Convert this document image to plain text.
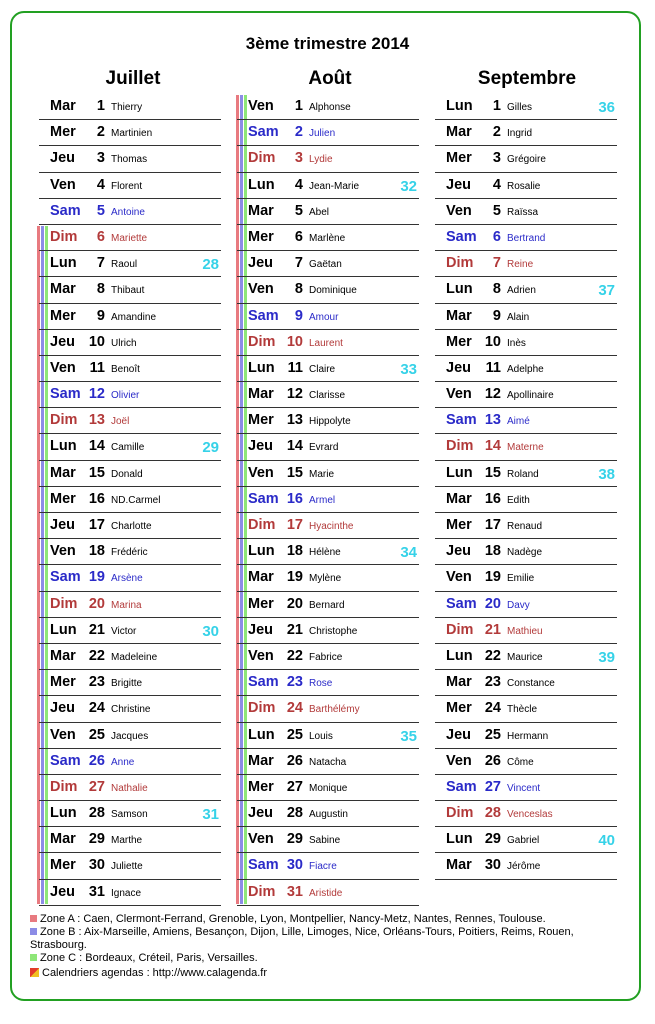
3ème trimestre 2014
Juillet	Août	Septembre
Mar	1 Thierry
Mer	2 Martinien
Jeu	3 Thomas
Ven	4 Florent
Sam	5 Antoine
Dim	6 Mariette
Lun	7 Raoul	28
Mar	8 Thibaut
Mer	9 Amandine
Jeu 10 Ulrich
Ven 11 Benoît
Sam 12 Olivier
Dim 13 Joël
Lun 14 Camille	29
Mar 15 Donald
Mer 16 ND.Carmel
Jeu 17 Charlotte
Ven 18 Frédéric
Sam 19 Arsène
Dim 20 Marina
Lun 21 Victor	30
Mar 22 Madeleine
Mer 23 Brigitte
Jeu 24 Christine
Ven 25 Jacques
Sam 26 Anne
Dim 27 Nathalie
Lun 28 Samson	31
Mar 29 Marthe
Mer 30 Juliette
Jeu 31 Ignace
Ven	1 Alphonse
Sam	2 Julien
Dim	3 Lydie
Lun	4 Jean-Marie	32
Mar	5 Abel
Mer	6 Marlène
Jeu	7 Gaëtan
Ven	8 Dominique
Sam	9 Amour
Dim 10 Laurent
Lun 11 Claire	33
Mar 12 Clarisse
Mer 13 Hippolyte
Jeu 14 Evrard
Ven 15 Marie
Sam 16 Armel
Dim 17 Hyacinthe
Lun 18 Hélène	34
Mar 19 Mylène
Mer 20 Bernard
Jeu 21 Christophe
Ven 22 Fabrice
Sam 23 Rose
Dim 24 Barthélémy
Lun 25 Louis	35
Mar 26 Natacha
Mer 27 Monique
Jeu 28 Augustin
Ven 29 Sabine
Sam 30 Fiacre
Dim 31 Aristide
Lun	1 Gilles	36
Mar	2 Ingrid
Mer	3 Grégoire
Jeu	4 Rosalie
Ven	5 Raïssa
Sam	6 Bertrand
Dim	7 Reine
Lun	8 Adrien	37
Mar	9 Alain
Mer 10 Inès
Jeu 11 Adelphe
Ven 12 Apollinaire
Sam 13 Aimé
Dim 14 Materne
Lun 15 Roland	38
Mar 16 Edith
Mer 17 Renaud
Jeu 18 Nadège
Ven 19 Emilie
Sam 20 Davy
Dim 21 Mathieu
Lun 22 Maurice	39
Mar 23 Constance
Mer 24 Thècle
Jeu 25 Hermann
Ven 26 Côme
Sam 27 Vincent
Dim 28 Venceslas
Lun 29 Gabriel	40
Mar 30 Jérôme
Zone A : Caen, Clermont-Ferrand, Grenoble, Lyon, Montpellier, Nancy-Metz, Nantes, Rennes, Toulouse.
Zone B : Aix-Marseille, Amiens, Besançon, Dijon, Lille, Limoges, Nice, Orléans-Tours, Poitiers, Reims, Rouen, Strasbourg.
Zone C : Bordeaux, Créteil, Paris, Versailles.
Calendriers agendas : http://www.calagenda.fr
